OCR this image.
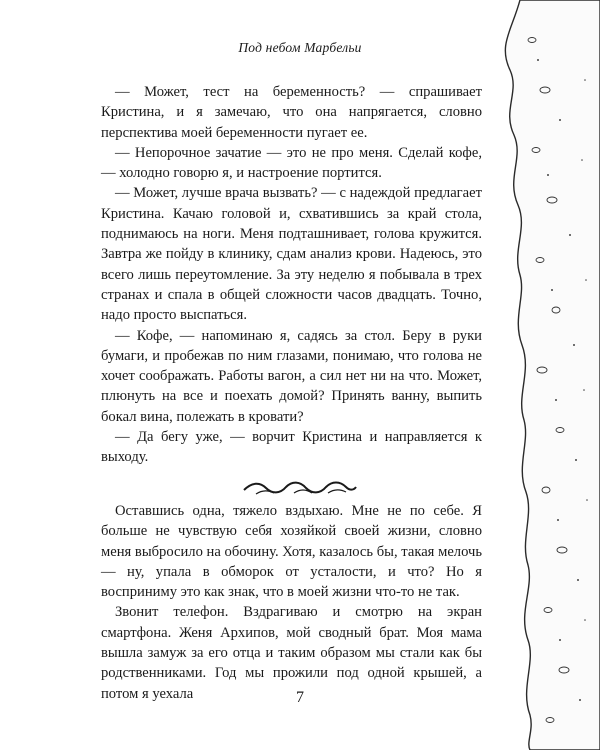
Под небом Марбельи

— Может, тест на беременность? — спрашивает Кристина, и я замечаю, что она напрягается, словно перспектива моей беременности пугает ее.

— Непорочное зачатие — это не про меня. Сделай кофе, — холодно говорю я, и настроение портится.

— Может, лучше врача вызвать? — с надеждой предлагает Кристина. Качаю головой и, схватившись за край стола, поднимаюсь на ноги. Меня подташнивает, голова кружится. Завтра же пойду в клинику, сдам анализ крови. Надеюсь, это всего лишь переутомление. За эту неделю я побывала в трех странах и спала в общей сложности часов двадцать. Точно, надо просто выспаться.

— Кофе, — напоминаю я, садясь за стол. Беру в руки бумаги, и пробежав по ним глазами, понимаю, что голова не хочет соображать. Работы вагон, а сил нет ни на что. Может, плюнуть на все и поехать домой? Принять ванну, выпить бокал вина, полежать в кровати?

— Да бегу уже, — ворчит Кристина и направляется к выходу.

Оставшись одна, тяжело вздыхаю. Мне не по себе. Я больше не чувствую себя хозяйкой своей жизни, словно меня выбросило на обочину. Хотя, казалось бы, такая мелочь — ну, упала в обморок от усталости, и что? Но я восприниму это как знак, что в моей жизни что-то не так.

Звонит телефон. Вздрагиваю и смотрю на экран смартфона. Женя Архипов, мой сводный брат. Моя мама вышла замуж за его отца и таким образом мы стали как бы родственниками. Год мы прожили под одной крышей, а потом я уехала	7
